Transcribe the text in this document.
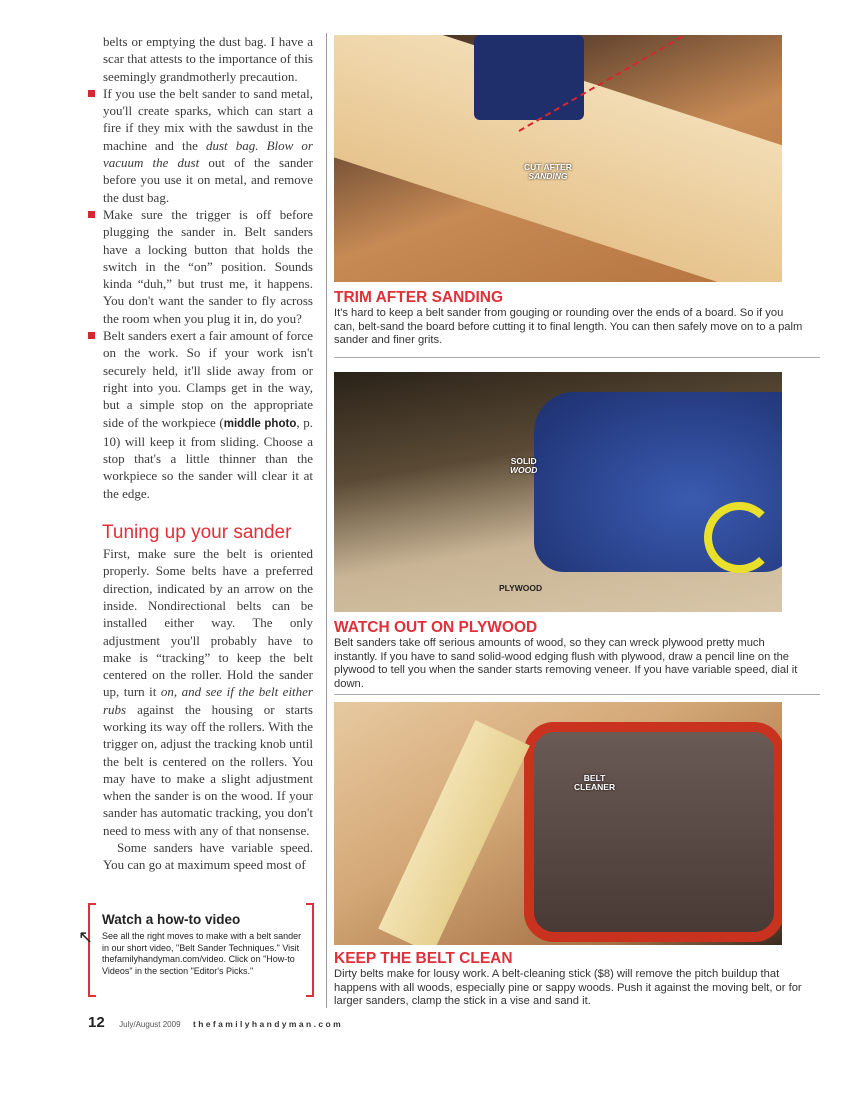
belts or emptying the dust bag. I have a scar that attests to the importance of this seemingly grandmotherly precaution.

If you use the belt sander to sand metal, you'll create sparks, which can start a fire if they mix with the sawdust in the machine and the dust bag. Blow or vacuum the dust out of the sander before you use it on metal, and remove the dust bag.

Make sure the trigger is off before plugging the sander in. Belt sanders have a locking button that holds the switch in the “on” position. Sounds kinda “duh,” but trust me, it happens. You don't want the sander to fly across the room when you plug it in, do you?

Belt sanders exert a fair amount of force on the work. So if your work isn't securely held, it'll slide away from or right into you. Clamps get in the way, but a simple stop on the appropriate side of the workpiece (middle photo, p. 10) will keep it from sliding. Choose a stop that's a little thinner than the workpiece so the sander will clear it at the edge.

Tuning up your sander

First, make sure the belt is oriented properly. Some belts have a preferred direction, indicated by an arrow on the inside. Nondirectional belts can be installed either way. The only adjustment you'll probably have to make is “tracking” to keep the belt centered on the roller. Hold the sander up, turn it on, and see if the belt either rubs against the housing or starts working its way off the rollers. With the trigger on, adjust the tracking knob until the belt is centered on the rollers. You may have to make a slight adjustment when the sander is on the wood. If your sander has automatic tracking, you don't need to mess with any of that nonsense.

Some sanders have variable speed. You can go at maximum speed most of

↖
Watch a how-to video

See all the right moves to make with a belt sander in our short video, "Belt Sander Techniques." Visit thefamilyhandyman.com/video. Click on "How-to Videos" in the section "Editor's Picks."

12 July/August 2009 thefamilyhandyman.com
CUT AFTER
SANDING
TRIM AFTER SANDING

It's hard to keep a belt sander from gouging or rounding over the ends of a board. So if you can, belt-sand the board before cutting it to final length. You can then safely move on to a palm sander and finer grits.

SOLID
WOOD
PLYWOOD
WATCH OUT ON PLYWOOD

Belt sanders take off serious amounts of wood, so they can wreck plywood pretty much instantly. If you have to sand solid-wood edging flush with plywood, draw a pencil line on the plywood to tell you when the sander starts removing veneer. If you have variable speed, dial it down.

BELT
CLEANER
KEEP THE BELT CLEAN

Dirty belts make for lousy work. A belt-cleaning stick ($8) will remove the pitch buildup that happens with all woods, especially pine or sappy woods. Push it against the moving belt, or for larger sanders, clamp the stick in a vise and sand it.
